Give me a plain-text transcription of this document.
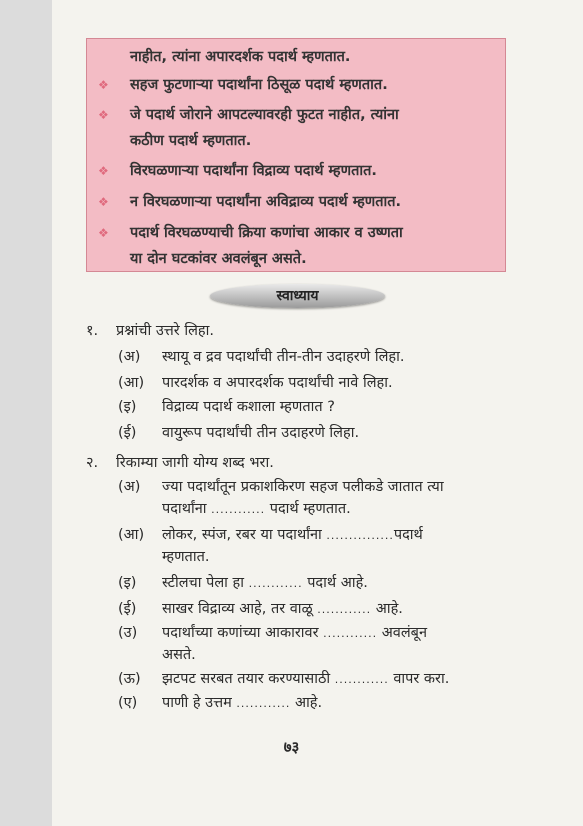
नाहीत, त्यांना अपारदर्शक पदार्थ म्हणतात.
❖ सहज फुटणाऱ्या पदार्थांना ठिसूळ पदार्थ म्हणतात.
❖ जे पदार्थ जोराने आपटल्यावरही फुटत नाहीत, त्यांना
कठीण पदार्थ म्हणतात.
❖ विरघळणाऱ्या पदार्थांना विद्राव्य पदार्थ म्हणतात.
❖ न विरघळणाऱ्या पदार्थांना अविद्राव्य पदार्थ म्हणतात.
❖ पदार्थ विरघळण्याची क्रिया कणांचा आकार व उष्णता
या दोन घटकांवर अवलंबून असते.
स्वाध्याय
१. प्रश्नांची उत्तरे लिहा.
(अ) स्थायू व द्रव पदार्थांची तीन-तीन उदाहरणे लिहा.
(आ) पारदर्शक व अपारदर्शक पदार्थांची नावे लिहा.
(इ) विद्राव्य पदार्थ कशाला म्हणतात ?
(ई) वायुरूप पदार्थांची तीन उदाहरणे लिहा.
२. रिकाम्या जागी योग्य शब्द भरा.
(अ) ज्या पदार्थांतून प्रकाशकिरण सहज पलीकडे जातात त्या
पदार्थांना ............ पदार्थ म्हणतात.
(आ) लोकर, स्पंज, रबर या पदार्थांना ...............पदार्थ
म्हणतात.
(इ) स्टीलचा पेला हा ............ पदार्थ आहे.
(ई) साखर विद्राव्य आहे, तर वाळू ............ आहे.
(उ) पदार्थांच्या कणांच्या आकारावर ............ अवलंबून
असते.
(ऊ) झटपट सरबत तयार करण्यासाठी ............ वापर करा.
(ए) पाणी हे उत्तम ............ आहे.
७३
